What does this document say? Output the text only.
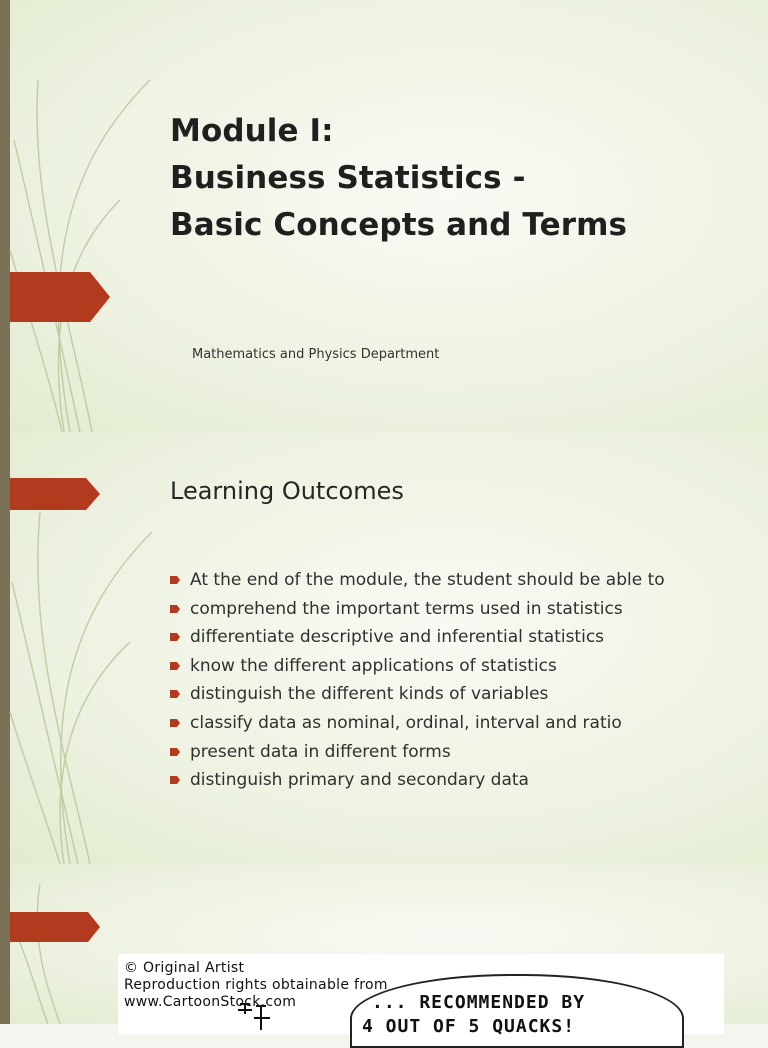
Module I:
Business Statistics -
Basic Concepts and Terms
Mathematics and Physics Department
Learning Outcomes
At the end of the module, the student should be able to
comprehend the important terms used in statistics
differentiate descriptive and inferential statistics
know the different applications of statistics
distinguish the different kinds of variables
classify data as nominal, ordinal, interval and ratio
present data in different forms
distinguish primary and secondary data
© Original Artist
Reproduction rights obtainable from
www.CartoonStock.com	... RECOMMENDED BY
4 OUT OF 5 QUACKS!
